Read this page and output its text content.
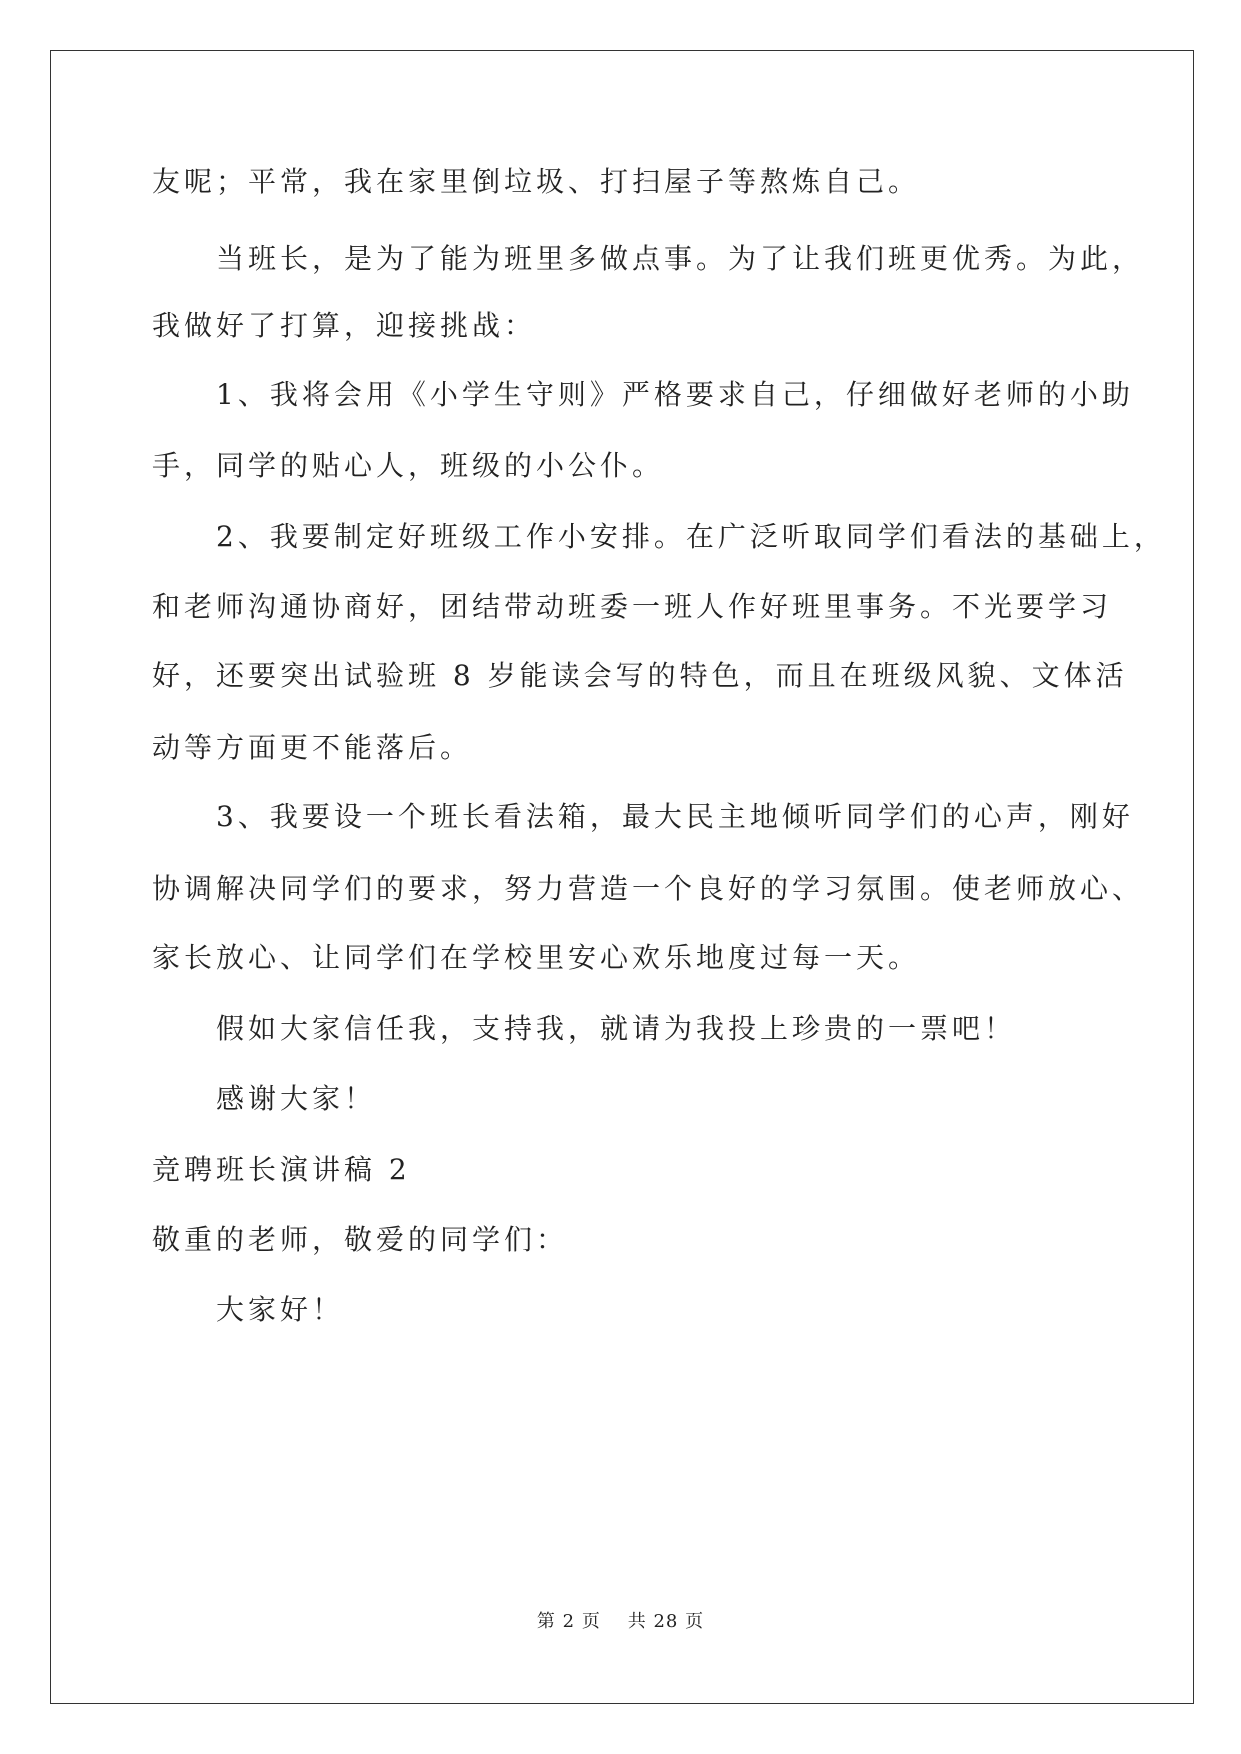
友呢；平常，我在家里倒垃圾、打扫屋子等熬炼自己。
当班长，是为了能为班里多做点事。为了让我们班更优秀。为此，
我做好了打算，迎接挑战：
1、我将会用《小学生守则》严格要求自己，仔细做好老师的小助
手，同学的贴心人，班级的小公仆。
2、我要制定好班级工作小安排。在广泛听取同学们看法的基础上，
和老师沟通协商好，团结带动班委一班人作好班里事务。不光要学习
好，还要突出试验班 8 岁能读会写的特色，而且在班级风貌、文体活
动等方面更不能落后。
3、我要设一个班长看法箱，最大民主地倾听同学们的心声，刚好
协调解决同学们的要求，努力营造一个良好的学习氛围。使老师放心、
家长放心、让同学们在学校里安心欢乐地度过每一天。
假如大家信任我，支持我，就请为我投上珍贵的一票吧！
感谢大家！
竞聘班长演讲稿 2
敬重的老师，敬爱的同学们：
大家好！
第 2 页 共 28 页
